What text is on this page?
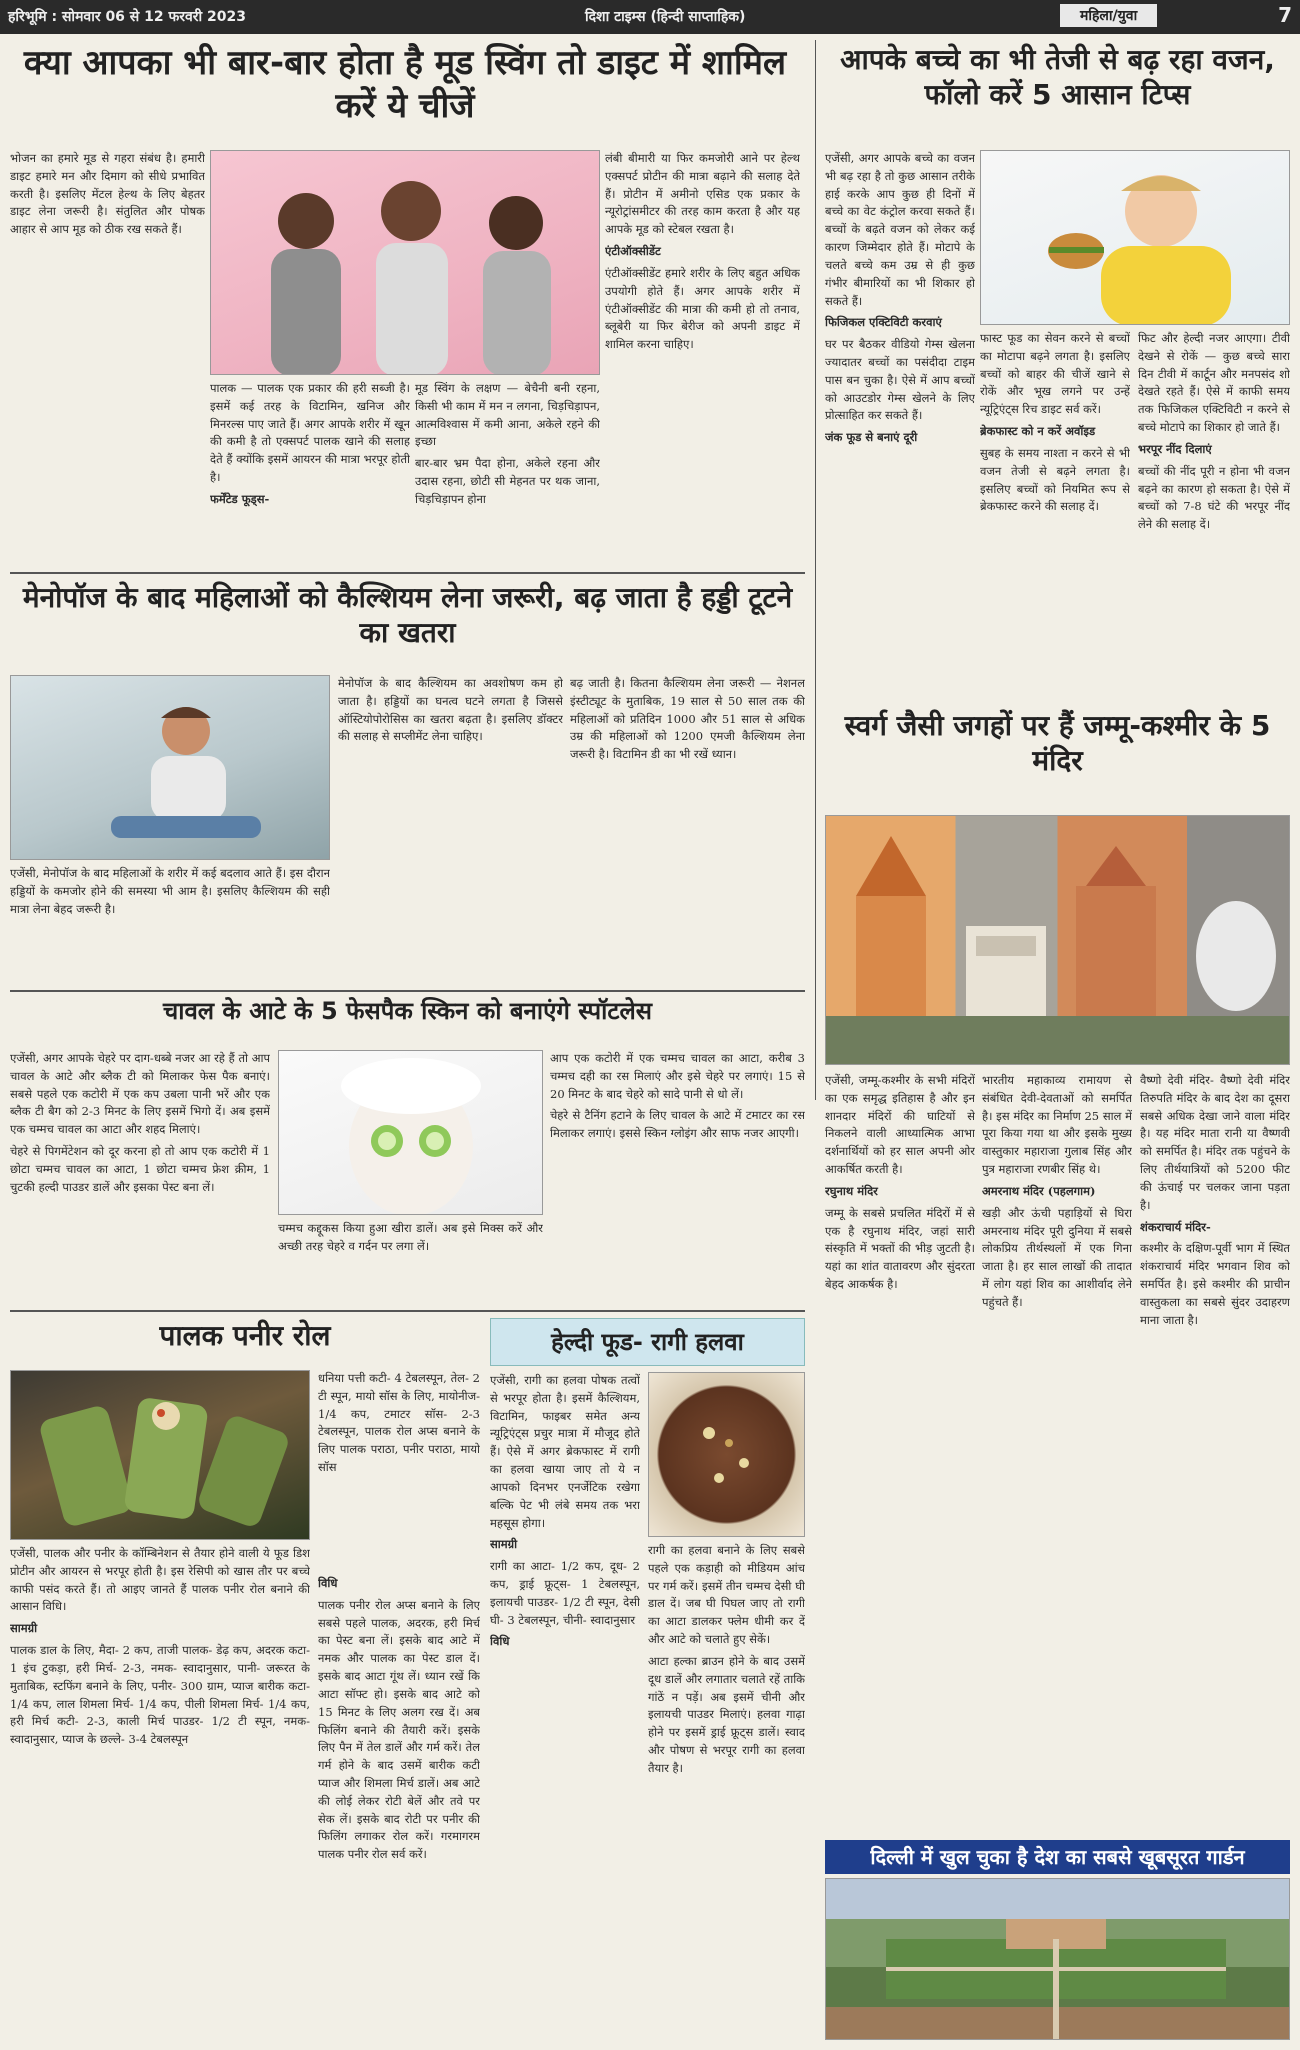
हरिभूमि : सोमवार 06 से 12 फरवरी 2023	दिशा टाइम्स (हिन्दी साप्ताहिक)	महिला/युवा	7
क्या आपका भी बार-बार होता है मूड स्विंग तो डाइट में शामिल करें ये चीजें

भोजन का हमारे मूड से गहरा संबंध है। हमारी डाइट हमारे मन और दिमाग को सीधे प्रभावित करती है। इसलिए मेंटल हेल्थ के लिए बेहतर डाइट लेना जरूरी है। संतुलित और पोषक आहार से आप मूड को ठीक रख सकते हैं।

लंबी बीमारी या फिर कमजोरी आने पर हेल्थ एक्सपर्ट प्रोटीन की मात्रा बढ़ाने की सलाह देते हैं। प्रोटीन में अमीनो एसिड एक प्रकार के न्यूरोट्रांसमीटर की तरह काम करता है और यह आपके मूड को स्टेबल रखता है।

एंटीऑक्सीडेंट

एंटीऑक्सीडेंट हमारे शरीर के लिए बहुत अधिक उपयोगी होते हैं। अगर आपके शरीर में एंटीऑक्सीडेंट की मात्रा की कमी हो तो तनाव, ब्लूबेरी या फिर बेरीज को अपनी डाइट में शामिल करना चाहिए।

पालक — पालक एक प्रकार की हरी सब्जी है। इसमें कई तरह के विटामिन, खनिज और मिनरल्स पाए जाते हैं। अगर आपके शरीर में खून की कमी है तो एक्सपर्ट पालक खाने की सलाह देते हैं क्योंकि इसमें आयरन की मात्रा भरपूर होती है।

फर्मेंटेड फूड्स-

मूड स्विंग के लक्षण — बेचैनी बनी रहना, किसी भी काम में मन न लगना, चिड़चिड़ापन, आत्मविश्वास में कमी आना, अकेले रहने की इच्छा

बार-बार भ्रम पैदा होना, अकेले रहना और उदास रहना, छोटी सी मेहनत पर थक जाना, चिड़चिड़ापन होना

आपके बच्चे का भी तेजी से बढ़ रहा वजन, फॉलो करें 5 आसान टिप्स

एजेंसी, अगर आपके बच्चे का वजन भी बढ़ रहा है तो कुछ आसान तरीके हाई करके आप कुछ ही दिनों में बच्चे का वेट कंट्रोल करवा सकते हैं। बच्चों के बढ़ते वजन को लेकर कई कारण जिम्मेदार होते हैं। मोटापे के चलते बच्चे कम उम्र से ही कुछ गंभीर बीमारियों का भी शिकार हो सकते हैं।

फिजिकल एक्टिविटी करवाएं

घर पर बैठकर वीडियो गेम्स खेलना ज्यादातर बच्चों का पसंदीदा टाइम पास बन चुका है। ऐसे में आप बच्चों को आउटडोर गेम्स खेलने के लिए प्रोत्साहित कर सकते हैं।

जंक फूड से बनाएं दूरी

फास्ट फूड का सेवन करने से बच्चों का मोटापा बढ़ने लगता है। इसलिए बच्चों को बाहर की चीजें खाने से रोकें और भूख लगने पर उन्हें न्यूट्रिएंट्स रिच डाइट सर्व करें।

ब्रेकफास्ट को न करें अवॉइड

सुबह के समय नाश्ता न करने से भी वजन तेजी से बढ़ने लगता है। इसलिए बच्चों को नियमित रूप से ब्रेकफास्ट करने की सलाह दें।

फिट और हेल्दी नजर आएगा। टीवी देखने से रोकें — कुछ बच्चे सारा दिन टीवी में कार्टून और मनपसंद शो देखते रहते हैं। ऐसे में काफी समय तक फिजिकल एक्टिविटी न करने से बच्चे मोटापे का शिकार हो जाते हैं।

भरपूर नींद दिलाएं

बच्चों की नींद पूरी न होना भी वजन बढ़ने का कारण हो सकता है। ऐसे में बच्चों को 7-8 घंटे की भरपूर नींद लेने की सलाह दें।

मेनोपॉज के बाद महिलाओं को कैल्शियम लेना जरूरी, बढ़ जाता है हड्डी टूटने का खतरा

एजेंसी, मेनोपॉज के बाद महिलाओं के शरीर में कई बदलाव आते हैं। इस दौरान हड्डियों के कमजोर होने की समस्या भी आम है। इसलिए कैल्शियम की सही मात्रा लेना बेहद जरूरी है।

मेनोपॉज के बाद कैल्शियम का अवशोषण कम हो जाता है। हड्डियों का घनत्व घटने लगता है जिससे ऑस्टियोपोरोसिस का खतरा बढ़ता है। इसलिए डॉक्टर की सलाह से सप्लीमेंट लेना चाहिए।

बढ़ जाती है। कितना कैल्शियम लेना जरूरी — नेशनल इंस्टीट्यूट के मुताबिक, 19 साल से 50 साल तक की महिलाओं को प्रतिदिन 1000 और 51 साल से अधिक उम्र की महिलाओं को 1200 एमजी कैल्शियम लेना जरूरी है। विटामिन डी का भी रखें ध्यान।

स्वर्ग जैसी जगहों पर हैं जम्मू-कश्मीर के 5 मंदिर

एजेंसी, जम्मू-कश्मीर के सभी मंदिरों का एक समृद्ध इतिहास है और इन शानदार मंदिरों की घाटियों से निकलने वाली आध्यात्मिक आभा दर्शनार्थियों को हर साल अपनी ओर आकर्षित करती है।

रघुनाथ मंदिर

जम्मू के सबसे प्रचलित मंदिरों में से एक है रघुनाथ मंदिर, जहां सारी संस्कृति में भक्तों की भीड़ जुटती है। यहां का शांत वातावरण और सुंदरता बेहद आकर्षक है।

भारतीय महाकाव्य रामायण से संबंधित देवी-देवताओं को समर्पित है। इस मंदिर का निर्माण 25 साल में पूरा किया गया था और इसके मुख्य वास्तुकार महाराजा गुलाब सिंह और पुत्र महाराजा रणबीर सिंह थे।

अमरनाथ मंदिर (पहलगाम)

खड़ी और ऊंची पहाड़ियों से घिरा अमरनाथ मंदिर पूरी दुनिया में सबसे लोकप्रिय तीर्थस्थलों में एक गिना जाता है। हर साल लाखों की तादात में लोग यहां शिव का आशीर्वाद लेने पहुंचते हैं।

वैष्णो देवी मंदिर- वैष्णो देवी मंदिर तिरुपति मंदिर के बाद देश का दूसरा सबसे अधिक देखा जाने वाला मंदिर है। यह मंदिर माता रानी या वैष्णवी को समर्पित है। मंदिर तक पहुंचने के लिए तीर्थयात्रियों को 5200 फीट की ऊंचाई पर चलकर जाना पड़ता है।

शंकराचार्य मंदिर-

कश्मीर के दक्षिण-पूर्वी भाग में स्थित शंकराचार्य मंदिर भगवान शिव को समर्पित है। इसे कश्मीर की प्राचीन वास्तुकला का सबसे सुंदर उदाहरण माना जाता है।

चावल के आटे के 5 फेसपैक स्किन को बनाएंगे स्पॉटलेस

एजेंसी, अगर आपके चेहरे पर दाग-धब्बे नजर आ रहे हैं तो आप चावल के आटे और ब्लैक टी को मिलाकर फेस पैक बनाएं। सबसे पहले एक कटोरी में एक कप उबला पानी भरें और एक ब्लैक टी बैग को 2-3 मिनट के लिए इसमें भिगो दें। अब इसमें एक चम्मच चावल का आटा और शहद मिलाएं।

चेहरे से पिगमेंटेशन को दूर करना हो तो आप एक कटोरी में 1 छोटा चम्मच चावल का आटा, 1 छोटा चम्मच फ्रेश क्रीम, 1 चुटकी हल्दी पाउडर डालें और इसका पेस्ट बना लें।

चम्मच कद्दूकस किया हुआ खीरा डालें। अब इसे मिक्स करें और अच्छी तरह चेहरे व गर्दन पर लगा लें।

आप एक कटोरी में एक चम्मच चावल का आटा, करीब 3 चम्मच दही का रस मिलाएं और इसे चेहरे पर लगाएं। 15 से 20 मिनट के बाद चेहरे को सादे पानी से धो लें।

चेहरे से टैनिंग हटाने के लिए चावल के आटे में टमाटर का रस मिलाकर लगाएं। इससे स्किन ग्लोइंग और साफ नजर आएगी।

पालक पनीर रोल

धनिया पत्ती कटी- 4 टेबलस्पून, तेल- 2 टी स्पून, मायो सॉस के लिए, मायोनीज- 1/4 कप, टमाटर सॉस- 2-3 टेबलस्पून, पालक रोल अप्स बनाने के लिए पालक पराठा, पनीर पराठा, मायो सॉस

एजेंसी, पालक और पनीर के कॉम्बिनेशन से तैयार होने वाली ये फूड डिश प्रोटीन और आयरन से भरपूर होती है। इस रेसिपी को खास तौर पर बच्चे काफी पसंद करते हैं। तो आइए जानते हैं पालक पनीर रोल बनाने की आसान विधि।

सामग्री

पालक डाल के लिए, मैदा- 2 कप, ताजी पालक- डेढ़ कप, अदरक कटा- 1 इंच टुकड़ा, हरी मिर्च- 2-3, नमक- स्वादानुसार, पानी- जरूरत के मुताबिक, स्टफिंग बनाने के लिए, पनीर- 300 ग्राम, प्याज बारीक कटा- 1/4 कप, लाल शिमला मिर्च- 1/4 कप, पीली शिमला मिर्च- 1/4 कप, हरी मिर्च कटी- 2-3, काली मिर्च पाउडर- 1/2 टी स्पून, नमक- स्वादानुसार, प्याज के छल्ले- 3-4 टेबलस्पून

विधि

पालक पनीर रोल अप्स बनाने के लिए सबसे पहले पालक, अदरक, हरी मिर्च का पेस्ट बना लें। इसके बाद आटे में नमक और पालक का पेस्ट डाल दें। इसके बाद आटा गूंथ लें। ध्यान रखें कि आटा सॉफ्ट हो। इसके बाद आटे को 15 मिनट के लिए अलग रख दें। अब फिलिंग बनाने की तैयारी करें। इसके लिए पैन में तेल डालें और गर्म करें। तेल गर्म होने के बाद उसमें बारीक कटी प्याज और शिमला मिर्च डालें। अब आटे की लोई लेकर रोटी बेलें और तवे पर सेक लें। इसके बाद रोटी पर पनीर की फिलिंग लगाकर रोल करें। गरमागरम पालक पनीर रोल सर्व करें।

हेल्दी फूड- रागी हलवा

एजेंसी, रागी का हलवा पोषक तत्वों से भरपूर होता है। इसमें कैल्शियम, विटामिन, फाइबर समेत अन्य न्यूट्रिएंट्स प्रचुर मात्रा में मौजूद होते हैं। ऐसे में अगर ब्रेकफास्ट में रागी का हलवा खाया जाए तो ये न आपको दिनभर एनर्जेटिक रखेगा बल्कि पेट भी लंबे समय तक भरा महसूस होगा।

सामग्री

रागी का आटा- 1/2 कप, दूध- 2 कप, ड्राई फ्रूट्स- 1 टेबलस्पून, इलायची पाउडर- 1/2 टी स्पून, देसी घी- 3 टेबलस्पून, चीनी- स्वादानुसार

विधि

रागी का हलवा बनाने के लिए सबसे पहले एक कड़ाही को मीडियम आंच पर गर्म करें। इसमें तीन चम्मच देसी घी डाल दें। जब घी पिघल जाए तो रागी का आटा डालकर फ्लेम धीमी कर दें और आटे को चलाते हुए सेकें।

आटा हल्का ब्राउन होने के बाद उसमें दूध डालें और लगातार चलाते रहें ताकि गांठें न पड़ें। अब इसमें चीनी और इलायची पाउडर मिलाएं। हलवा गाढ़ा होने पर इसमें ड्राई फ्रूट्स डालें। स्वाद और पोषण से भरपूर रागी का हलवा तैयार है।

दिल्ली में खुल चुका है देश का सबसे खूबसूरत गार्डन
